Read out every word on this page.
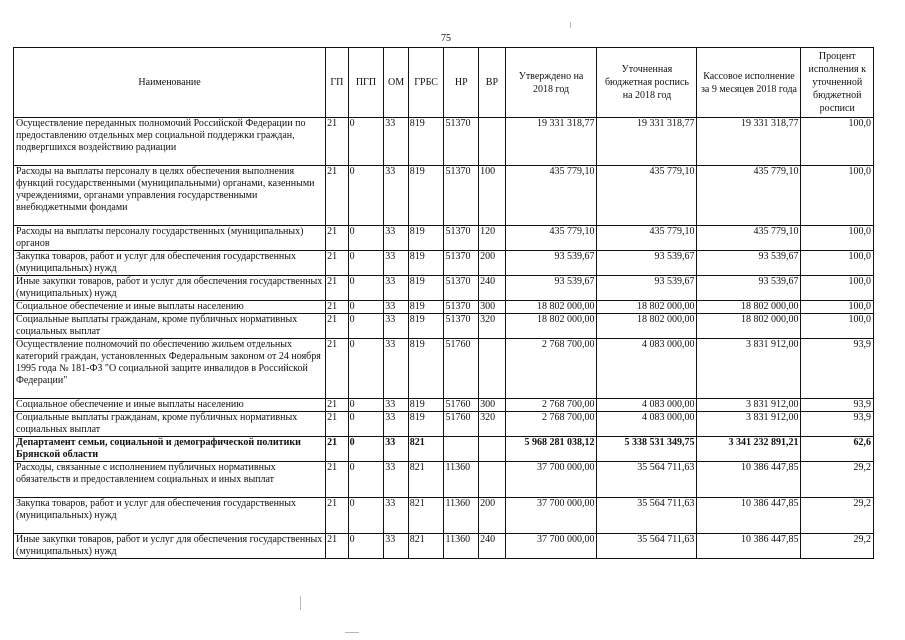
75
Наименование	ГП	ПГП	ОМ	ГРБС	НР	ВР	Утверждено на 2018 год	Уточненная бюджетная роспись на 2018 год	Кассовое исполнение за 9 месяцев 2018 года	Процент исполнения к уточненной бюджетной росписи
Осуществление переданных полномочий Российской Федерации по предоставлению отдельных мер социальной поддержки граждан, подвергшихся воздействию радиации	21	0	33	819	51370		19 331 318,77	19 331 318,77	19 331 318,77	100,0
Расходы на выплаты персоналу в целях обеспечения выполнения функций государственными (муниципальными) органами, казенными учреждениями, органами управления государственными внебюджетными фондами	21	0	33	819	51370	100	435 779,10	435 779,10	435 779,10	100,0
Расходы на выплаты персоналу государственных (муниципальных) органов	21	0	33	819	51370	120	435 779,10	435 779,10	435 779,10	100,0
Закупка товаров, работ и услуг для обеспечения государственных (муниципальных) нужд	21	0	33	819	51370	200	93 539,67	93 539,67	93 539,67	100,0
Иные закупки товаров, работ и услуг для обеспечения государственных (муниципальных) нужд	21	0	33	819	51370	240	93 539,67	93 539,67	93 539,67	100,0
Социальное обеспечение и иные выплаты населению	21	0	33	819	51370	300	18 802 000,00	18 802 000,00	18 802 000,00	100,0
Социальные выплаты гражданам, кроме публичных нормативных социальных выплат	21	0	33	819	51370	320	18 802 000,00	18 802 000,00	18 802 000,00	100,0
Осуществление полномочий по обеспечению жильем отдельных категорий граждан, установленных Федеральным законом от 24 ноября 1995 года № 181-ФЗ "О социальной защите инвалидов в Российской Федерации"	21	0	33	819	51760		2 768 700,00	4 083 000,00	3 831 912,00	93,9
Социальное обеспечение и иные выплаты населению	21	0	33	819	51760	300	2 768 700,00	4 083 000,00	3 831 912,00	93,9
Социальные выплаты гражданам, кроме публичных нормативных социальных выплат	21	0	33	819	51760	320	2 768 700,00	4 083 000,00	3 831 912,00	93,9
Департамент семьи, социальной и демографической политики Брянской области	21	0	33	821			5 968 281 038,12	5 338 531 349,75	3 341 232 891,21	62,6
Расходы, связанные с исполнением публичных нормативных обязательств и предоставлением социальных и иных выплат	21	0	33	821	11360		37 700 000,00	35 564 711,63	10 386 447,85	29,2
Закупка товаров, работ и услуг для обеспечения государственных (муниципальных) нужд	21	0	33	821	11360	200	37 700 000,00	35 564 711,63	10 386 447,85	29,2
Иные закупки товаров, работ и услуг для обеспечения государственных (муниципальных) нужд	21	0	33	821	11360	240	37 700 000,00	35 564 711,63	10 386 447,85	29,2
